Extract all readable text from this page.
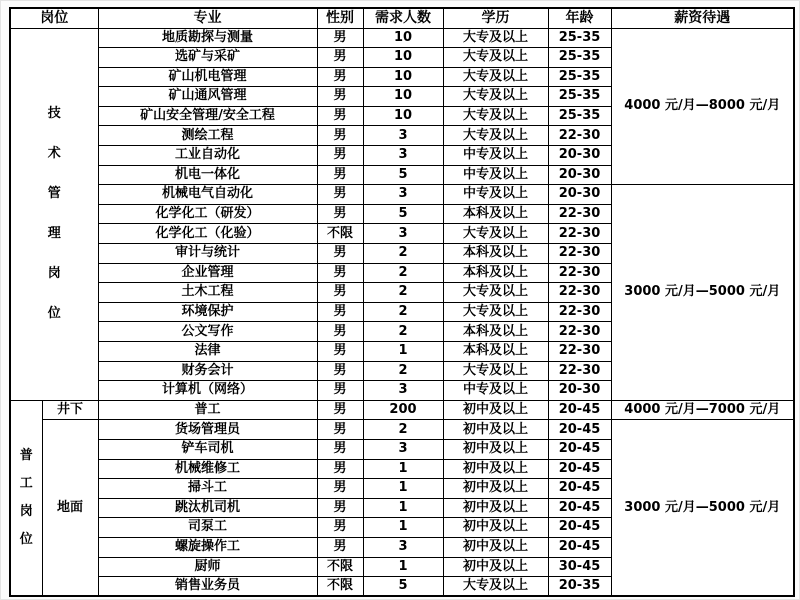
岗位		专业	性别	需求人数	学历	年龄	薪资待遇
技术管理岗位		地质勘探与测量	男	10	大专及以上	25-35	4000 元/月—8000 元/月
		选矿与采矿	男	10	大专及以上	25-35	
		矿山机电管理	男	10	大专及以上	25-35	
		矿山通风管理	男	10	大专及以上	25-35	
		矿山安全管理/安全工程	男	10	大专及以上	25-35	
		测绘工程	男	3	大专及以上	22-30	
		工业自动化	男	3	中专及以上	20-30	
		机电一体化	男	5	中专及以上	20-30	
		机械电气自动化	男	3	中专及以上	20-30	3000 元/月—5000 元/月
		化学化工（研发）	男	5	本科及以上	22-30	
		化学化工（化验）	不限	3	大专及以上	22-30	
		审计与统计	男	2	本科及以上	22-30	
		企业管理	男	2	本科及以上	22-30	
		土木工程	男	2	大专及以上	22-30	
		环境保护	男	2	大专及以上	22-30	
		公文写作	男	2	本科及以上	22-30	
		法律	男	1	本科及以上	22-30	
		财务会计	男	2	大专及以上	22-30	
		计算机（网络）	男	3	中专及以上	20-30	
普工岗位	井下	普工	男	200	初中及以上	20-45	4000 元/月—7000 元/月
	地面	货场管理员	男	2	初中及以上	20-45	3000 元/月—5000 元/月
		铲车司机	男	3	初中及以上	20-45	
		机械维修工	男	1	初中及以上	20-45	
		掃斗工	男	1	初中及以上	20-45	
		跳汰机司机	男	1	初中及以上	20-45	
		司泵工	男	1	初中及以上	20-45	
		螺旋操作工	男	3	初中及以上	20-45	
		厨师	不限	1	初中及以上	30-45	
		销售业务员	不限	5	大专及以上	20-35	
